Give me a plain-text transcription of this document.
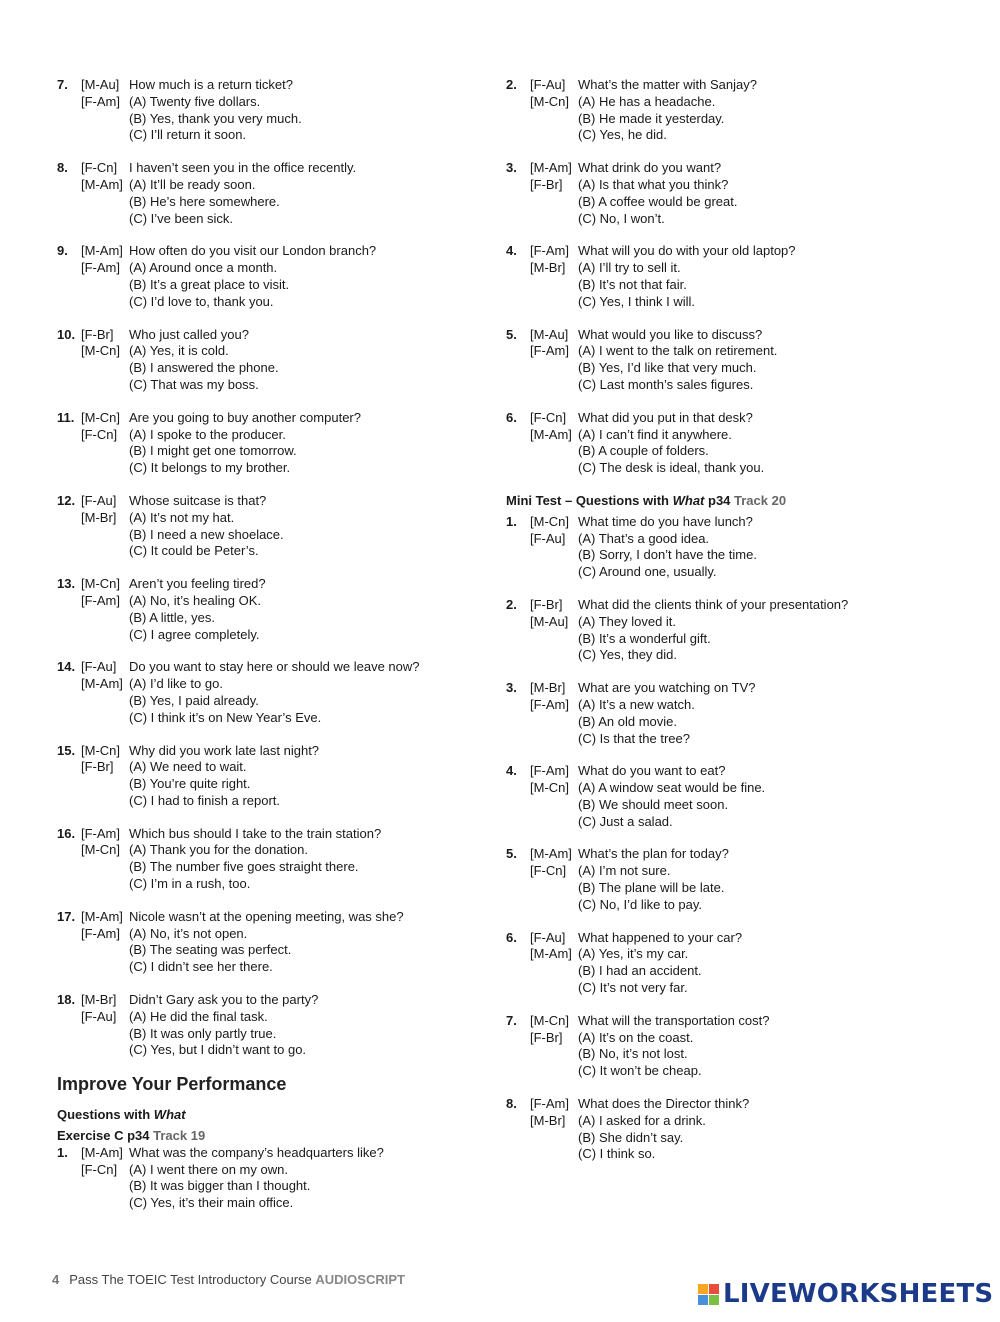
7.	[M-Au] How much is a return ticket?
[F-Am] (A) Twenty five dollars.
(B) Yes, thank you very much.
(C) I’ll return it soon.
8.	[F-Cn] I haven’t seen you in the office recently.
[M-Am] (A) It’ll be ready soon.
(B) He’s here somewhere.
(C) I’ve been sick.
9.	[M-Am] How often do you visit our London branch?
[F-Am] (A) Around once a month.
(B) It’s a great place to visit.
(C) I’d love to, thank you.
10. [F-Br]	Who just called you?
[M-Cn] (A) Yes, it is cold.
(B) I answered the phone.
(C) That was my boss.
11. [M-Cn] Are you going to buy another computer?
[F-Cn] (A) I spoke to the producer.
(B) I might get one tomorrow.
(C) It belongs to my brother.
12. [F-Au] Whose suitcase is that?
[M-Br] (A) It’s not my hat.
(B) I need a new shoelace.
(C) It could be Peter’s.
13. [M-Cn] Aren’t you feeling tired?
[F-Am] (A) No, it’s healing OK.
(B) A little, yes.
(C) I agree completely.
14. [F-Au] Do you want to stay here or should we leave now?
[M-Am] (A) I’d like to go.
(B) Yes, I paid already.
(C) I think it’s on New Year’s Eve.
15. [M-Cn] Why did you work late last night?
[F-Br]	(A) We need to wait.
(B) You’re quite right.
(C) I had to finish a report.
16. [F-Am] Which bus should I take to the train station?
[M-Cn] (A) Thank you for the donation.
(B) The number five goes straight there.
(C) I’m in a rush, too.
17. [M-Am] Nicole wasn’t at the opening meeting, was she?
[F-Am] (A) No, it’s not open.
(B) The seating was perfect.
(C) I didn’t see her there.
18. [M-Br] Didn’t Gary ask you to the party?
[F-Au] (A) He did the final task.
(B) It was only partly true.
(C) Yes, but I didn’t want to go.
Improve Your Performance
Questions with What
Exercise C p34 Track 19
1.	[M-Am] What was the company’s headquarters like?
[F-Cn] (A) I went there on my own.
(B) It was bigger than I thought.
(C) Yes, it’s their main office.
2.	[F-Au] What’s the matter with Sanjay?
[M-Cn] (A) He has a headache.
(B) He made it yesterday.
(C) Yes, he did.
3.	[M-Am] What drink do you want?
[F-Br]	(A) Is that what you think?
(B) A coffee would be great.
(C) No, I won’t.
4.	[F-Am] What will you do with your old laptop?
[M-Br] (A) I’ll try to sell it.
(B) It’s not that fair.
(C) Yes, I think I will.
5.	[M-Au] What would you like to discuss?
[F-Am] (A) I went to the talk on retirement.
(B) Yes, I’d like that very much.
(C) Last month’s sales figures.
6.	[F-Cn] What did you put in that desk?
[M-Am] (A) I can’t find it anywhere.
(B) A couple of folders.
(C) The desk is ideal, thank you.
Mini Test – Questions with What p34 Track 20
1.	[M-Cn] What time do you have lunch?
[F-Au] (A) That’s a good idea.
(B) Sorry, I don’t have the time.
(C) Around one, usually.
2.	[F-Br]	What did the clients think of your presentation?
[M-Au] (A) They loved it.
(B) It’s a wonderful gift.
(C) Yes, they did.
3.	[M-Br] What are you watching on TV?
[F-Am] (A) It’s a new watch.
(B) An old movie.
(C) Is that the tree?
4.	[F-Am] What do you want to eat?
[M-Cn] (A) A window seat would be fine.
(B) We should meet soon.
(C) Just a salad.
5.	[M-Am] What’s the plan for today?
[F-Cn] (A) I’m not sure.
(B) The plane will be late.
(C) No, I’d like to pay.
6.	[F-Au] What happened to your car?
[M-Am] (A) Yes, it’s my car.
(B) I had an accident.
(C) It’s not very far.
7.	[M-Cn] What will the transportation cost?
[F-Br]	(A) It’s on the coast.
(B) No, it’s not lost.
(C) It won’t be cheap.
8.	[F-Am] What does the Director think?
[M-Br] (A) I asked for a drink.
(B) She didn’t say.
(C) I think so.
4 Pass The TOEIC Test Introductory Course AUDIOSCRIPT	LIVEWORKSHEETS
